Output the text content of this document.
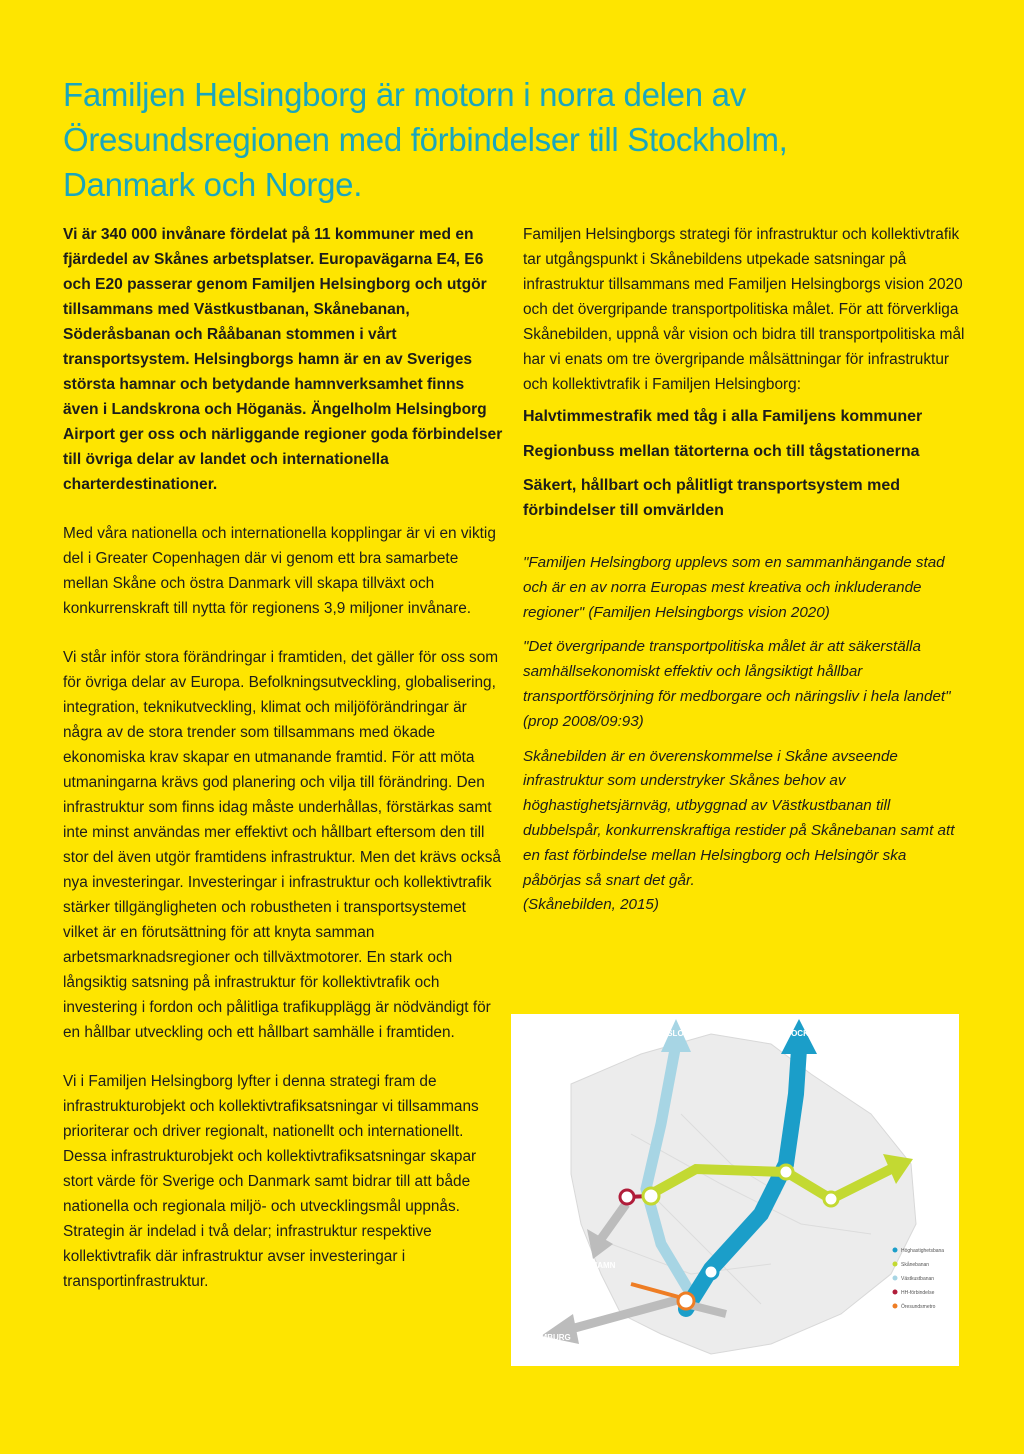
Familjen Helsingborg är motorn i norra delen av Öresundsregionen med förbindelser till Stockholm, Danmark och Norge.

Vi är 340 000 invånare fördelat på 11 kommuner med en fjärdedel av Skånes arbetsplatser. Europavägarna E4, E6 och E20 passerar genom Familjen Helsingborg och utgör tillsammans med Västkustbanan, Skånebanan, Söderåsbanan och Rååbanan stommen i vårt transportsystem. Helsingborgs hamn är en av Sveriges största hamnar och betydande hamnverksamhet finns även i Landskrona och Höganäs. Ängelholm Helsingborg Airport ger oss och närliggande regioner goda förbindelser till övriga delar av landet och internationella charterdestinationer.

Med våra nationella och internationella kopplingar är vi en viktig del i Greater Copenhagen där vi genom ett bra samarbete mellan Skåne och östra Danmark vill skapa tillväxt och konkurrenskraft till nytta för regionens 3,9 miljoner invånare.

Vi står inför stora förändringar i framtiden, det gäller för oss som för övriga delar av Europa. Befolkningsutveckling, globalisering, integration, teknikutveckling, klimat och miljöförändringar är några av de stora trender som tillsammans med ökade ekonomiska krav skapar en utmanande framtid. För att möta utmaningarna krävs god planering och vilja till förändring. Den infrastruktur som finns idag måste underhållas, förstärkas samt inte minst användas mer effektivt och hållbart eftersom den till stor del även utgör framtidens infrastruktur. Men det krävs också nya investeringar. Investeringar i infrastruktur och kollektivtrafik stärker tillgängligheten och robustheten i transportsystemet vilket är en förutsättning för att knyta samman arbetsmarknadsregioner och tillväxtmotorer. En stark och långsiktig satsning på infrastruktur för kollektivtrafik och investering i fordon och pålitliga trafikupplägg är nödvändigt för en hållbar utveckling och ett hållbart samhälle i framtiden.

Vi i Familjen Helsingborg lyfter i denna strategi fram de infrastrukturobjekt och kollektivtrafiksatsningar vi tillsammans prioriterar och driver regionalt, nationellt och internationellt. Dessa infrastrukturobjekt och kollektivtrafiksatsningar skapar stort värde för Sverige och Danmark samt bidrar till att både nationella och regionala miljö- och utvecklingsmål uppnås. Strategin är indelad i två delar; infrastruktur respektive kollektivtrafik där infrastruktur avser investeringar i transportinfrastruktur.

Familjen Helsingborgs strategi för infrastruktur och kollektivtrafik tar utgångspunkt i Skånebildens utpekade satsningar på infrastruktur tillsammans med Familjen Helsingborgs vision 2020 och det övergripande transportpolitiska målet. För att förverkliga Skånebilden, uppnå vår vision och bidra till transportpolitiska mål har vi enats om tre övergripande målsättningar för infrastruktur och kollektivtrafik i Familjen Helsingborg:

Halvtimmestrafik med tåg i alla Familjens kommuner

Regionbuss mellan tätorterna och till tågstationerna

Säkert, hållbart och pålitligt transportsystem med förbindelser till omvärlden

"Familjen Helsingborg upplevs som en sammanhängande stad och är en av norra Europas mest kreativa och inkluderande regioner" (Familjen Helsingborgs vision 2020)

"Det övergripande transportpolitiska målet är att säkerställa samhällsekonomiskt effektiv och långsiktigt hållbar transportförsörjning för medborgare och näringsliv i hela landet" (prop 2008/09:93)

Skånebilden är en överenskommelse i Skåne avseende infrastruktur som understryker Skånes behov av höghastighetsjärnväg, utbyggnad av Västkustbanan till dubbelspår, konkurrenskraftiga restider på Skånebanan samt att en fast förbindelse mellan Helsingborg och Helsingör ska påbörjas så snart det går.

(Skånebilden, 2015)

OSLO	STOCKHOLM
BLEKINGE
KÖPENHAMN
HAMBURG
Höghastighetsbana
Skånebanan
Västkustbanan
HH-förbindelse
Öresundsmetro
